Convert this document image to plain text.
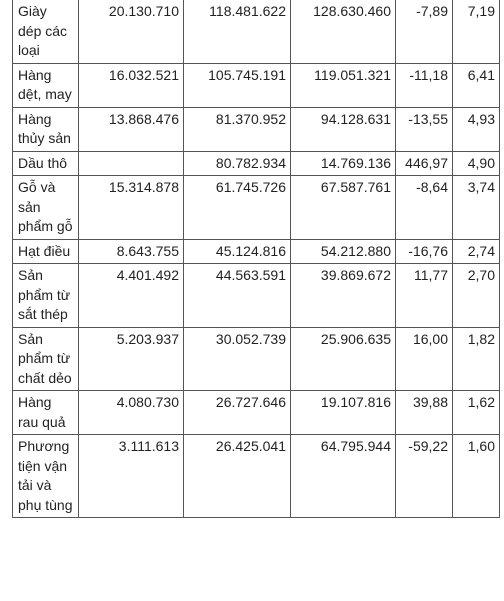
Giày dép các loại	20.130.710	118.481.622	128.630.460	-7,89	7,19
Hàng dệt, may	16.032.521	105.745.191	119.051.321	-11,18	6,41
Hàng thủy sản	13.868.476	81.370.952	94.128.631	-13,55	4,93
Dầu thô		80.782.934	14.769.136	446,97	4,90
Gỗ và sản phẩm gỗ	15.314.878	61.745.726	67.587.761	-8,64	3,74
Hạt điều	8.643.755	45.124.816	54.212.880	-16,76	2,74
Sản phẩm từ sắt thép	4.401.492	44.563.591	39.869.672	11,77	2,70
Sản phẩm từ chất dẻo	5.203.937	30.052.739	25.906.635	16,00	1,82
Hàng rau quả	4.080.730	26.727.646	19.107.816	39,88	1,62
Phương tiện vận tải và phụ tùng	3.111.613	26.425.041	64.795.944	-59,22	1,60
